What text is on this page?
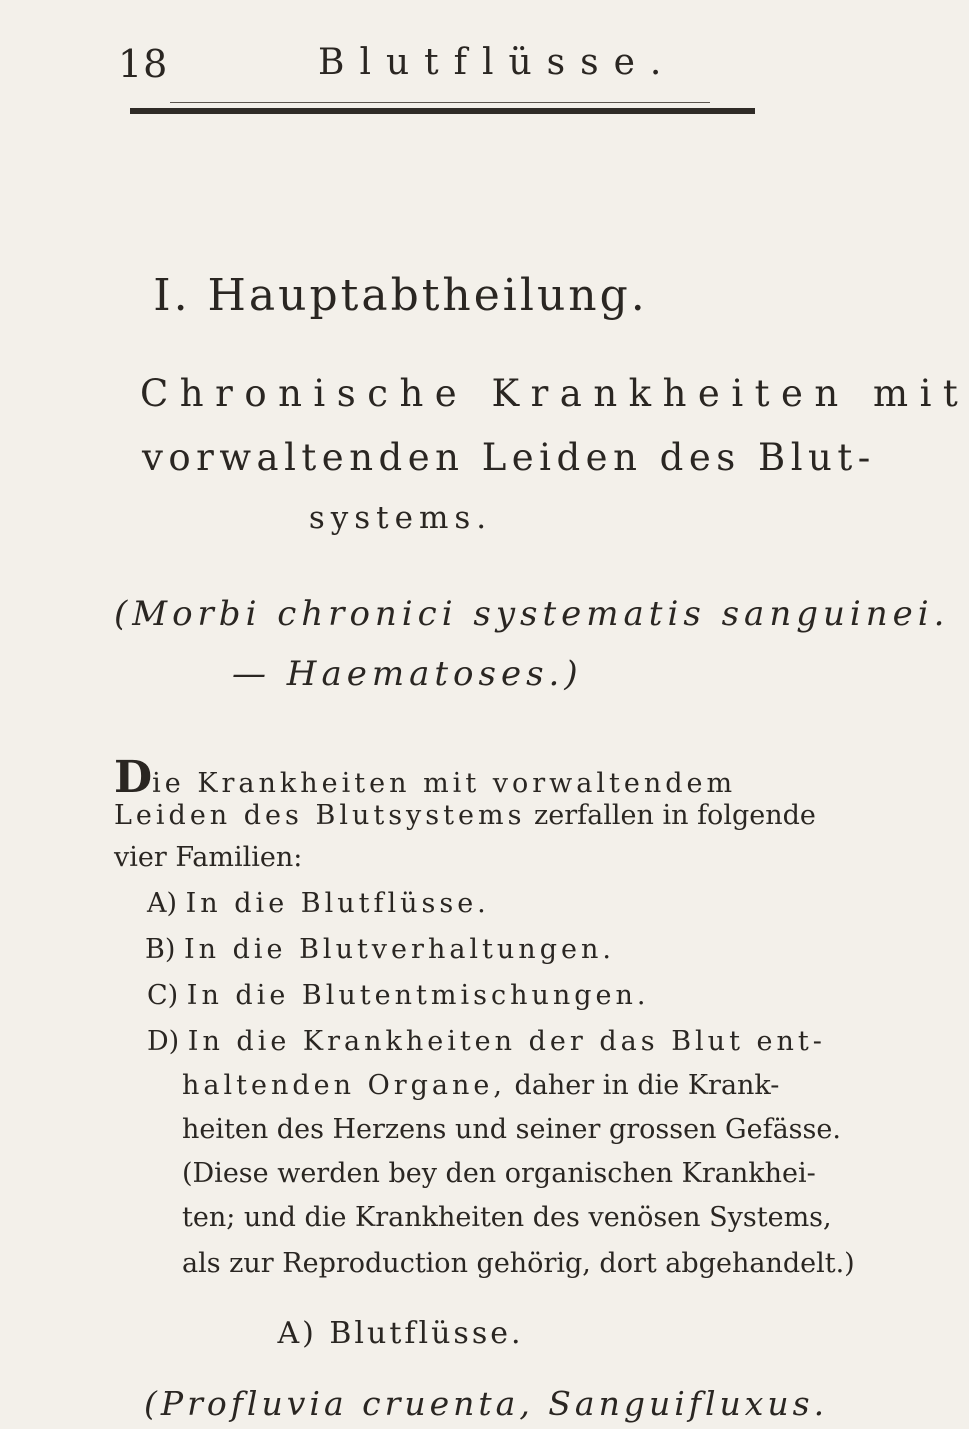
18	Blutflüsse.
I. Hauptabtheilung.
Chronische Krankheiten mit
vorwaltenden Leiden des Blut-
systems.
(Morbi chronici systematis sanguinei.
— Haematoses.)
Die Krankheiten mit vorwaltendem
Leiden des Blutsystems zerfallen in folgende
vier Familien:
A) In die Blutflüsse.
B) In die Blutverhaltungen.
C) In die Blutentmischungen.
D) In die Krankheiten der das Blut ent-
haltenden Organe, daher in die Krank-
heiten des Herzens und seiner grossen Gefässe.
(Diese werden bey den organischen Krankhei-
ten; und die Krankheiten des venösen Systems,
als zur Reproduction gehörig, dort abgehandelt.)
A) Blutflüsse.
(Profluvia cruenta, Sanguifluxus.
